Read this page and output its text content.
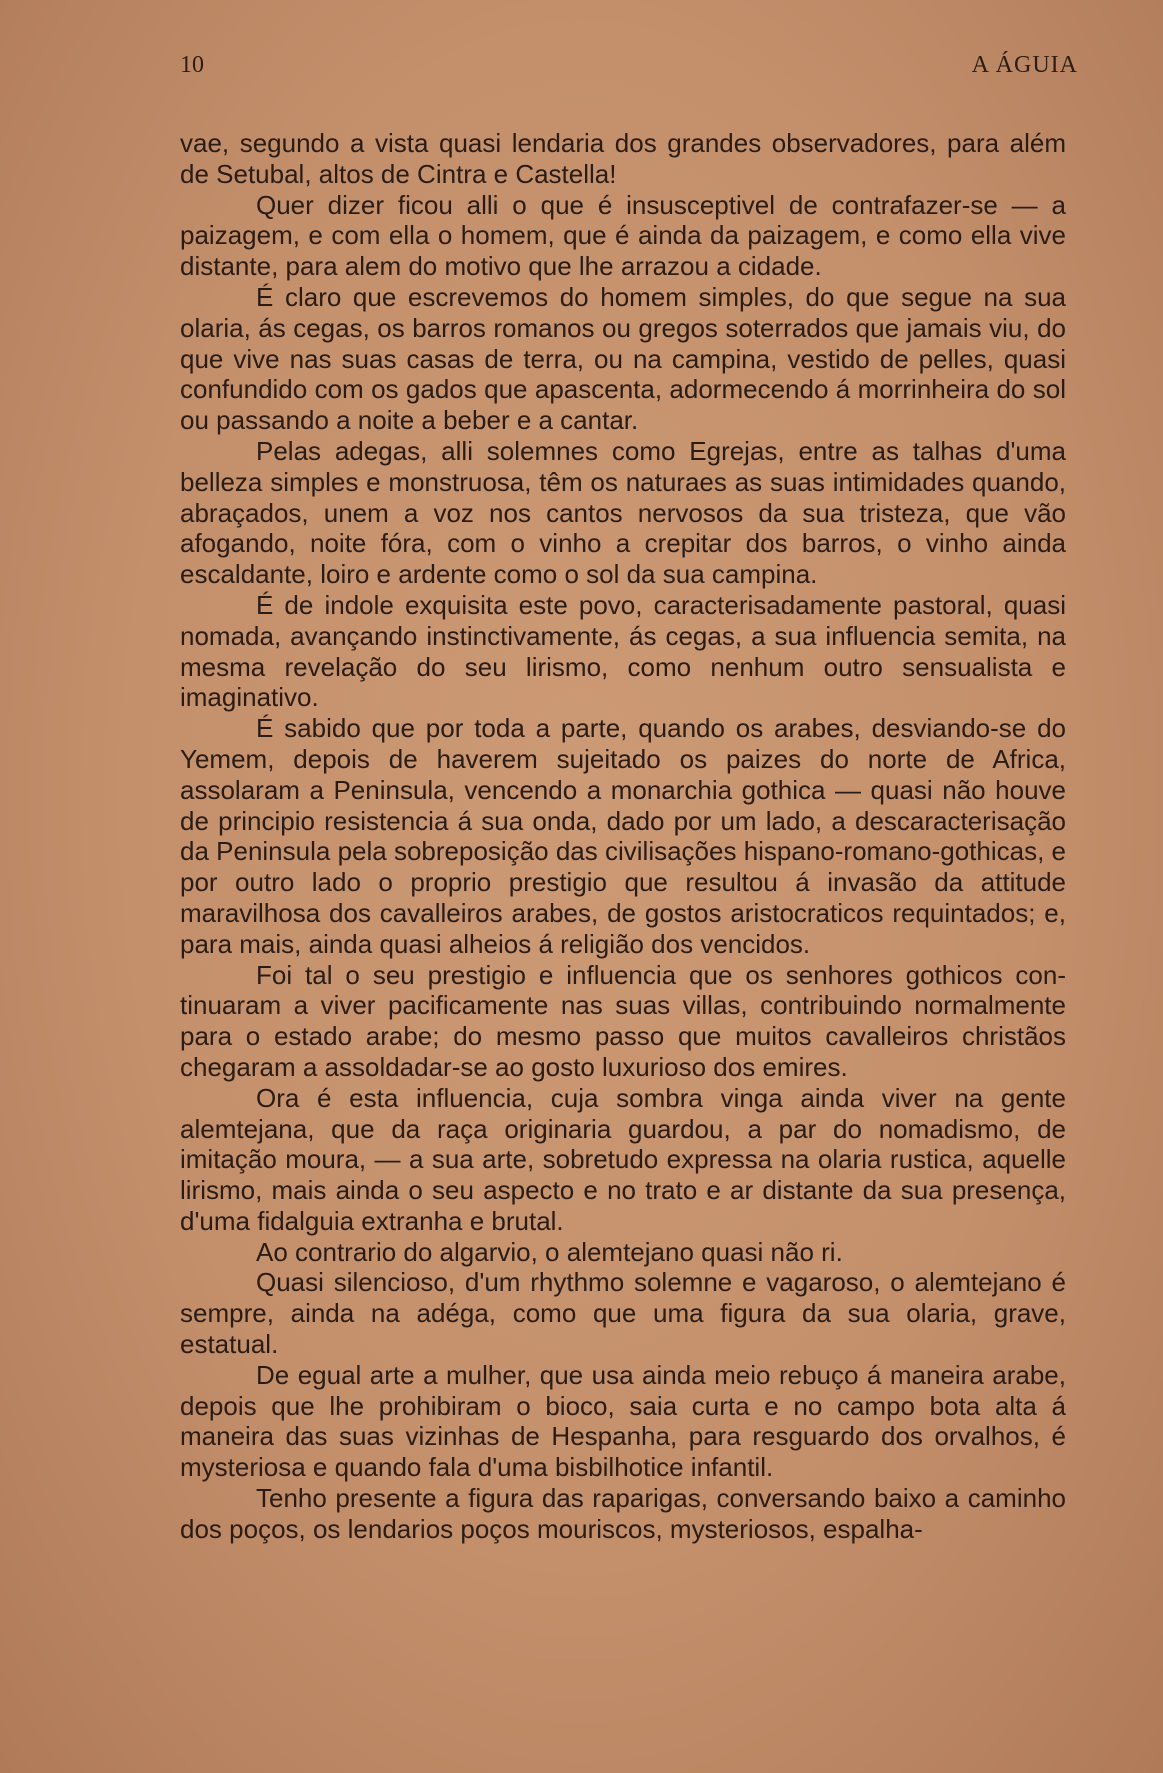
10	A ÁGUIA

vae, segundo a vista quasi lendaria dos grandes observadores, para além de Setubal, altos de Cintra e Castella!

Quer dizer ficou alli o que é insusceptivel de contrafazer-se — a paizagem, e com ella o homem, que é ainda da paizagem, e como ella vive distante, para alem do motivo que lhe arrazou a cidade.

É claro que escrevemos do homem simples, do que segue na sua olaria, ás cegas, os barros romanos ou gregos soterrados que jamais viu, do que vive nas suas casas de terra, ou na campina, vestido de pelles, quasi confundido com os gados que apascenta, adormecendo á morrinheira do sol ou passando a noite a beber e a cantar.

Pelas adegas, alli solemnes como Egrejas, entre as talhas d'uma belleza simples e monstruosa, têm os naturaes as suas intimidades quando, abraçados, unem a voz nos cantos nervosos da sua tristeza, que vão afogando, noite fóra, com o vinho a crepitar dos barros, o vinho ainda escaldante, loiro e ardente como o sol da sua campina.

É de indole exquisita este povo, caracterisadamente pastoral, quasi nomada, avançando instinctivamente, ás cegas, a sua influencia semita, na mesma revelação do seu lirismo, como nenhum outro sensualista e imaginativo.

É sabido que por toda a parte, quando os arabes, desviando-se do Yemem, depois de haverem sujeitado os paizes do norte de Africa, assolaram a Peninsula, vencendo a monarchia gothica — quasi não houve de principio resistencia á sua onda, dado por um lado, a descaracterisação da Peninsula pela sobreposição das civilisações hispano-romano-gothicas, e por outro lado o proprio prestigio que resultou á invasão da attitude maravilhosa dos cavalleiros arabes, de gostos aristocraticos requintados; e, para mais, ainda quasi alheios á religião dos vencidos.

Foi tal o seu prestigio e influencia que os senhores gothicos continuaram a viver pacificamente nas suas villas, contribuindo normalmente para o estado arabe; do mesmo passo que muitos cavalleiros christãos chegaram a assoldadar-se ao gosto luxurioso dos emires.

Ora é esta influencia, cuja sombra vinga ainda viver na gente alemtejana, que da raça originaria guardou, a par do nomadismo, de imitação moura, — a sua arte, sobretudo expressa na olaria rustica, aquelle lirismo, mais ainda o seu aspecto e no trato e ar distante da sua presença, d'uma fidalguia extranha e brutal.

Ao contrario do algarvio, o alemtejano quasi não ri.

Quasi silencioso, d'um rhythmo solemne e vagaroso, o alemtejano é sempre, ainda na adéga, como que uma figura da sua olaria, grave, estatual.

De egual arte a mulher, que usa ainda meio rebuço á maneira arabe, depois que lhe prohibiram o bioco, saia curta e no campo bota alta á maneira das suas vizinhas de Hespanha, para resguardo dos orvalhos, é mysteriosa e quando fala d'uma bisbilhotice infantil.

Tenho presente a figura das raparigas, conversando baixo a caminho dos poços, os lendarios poços mouriscos, mysteriosos, espalha-
